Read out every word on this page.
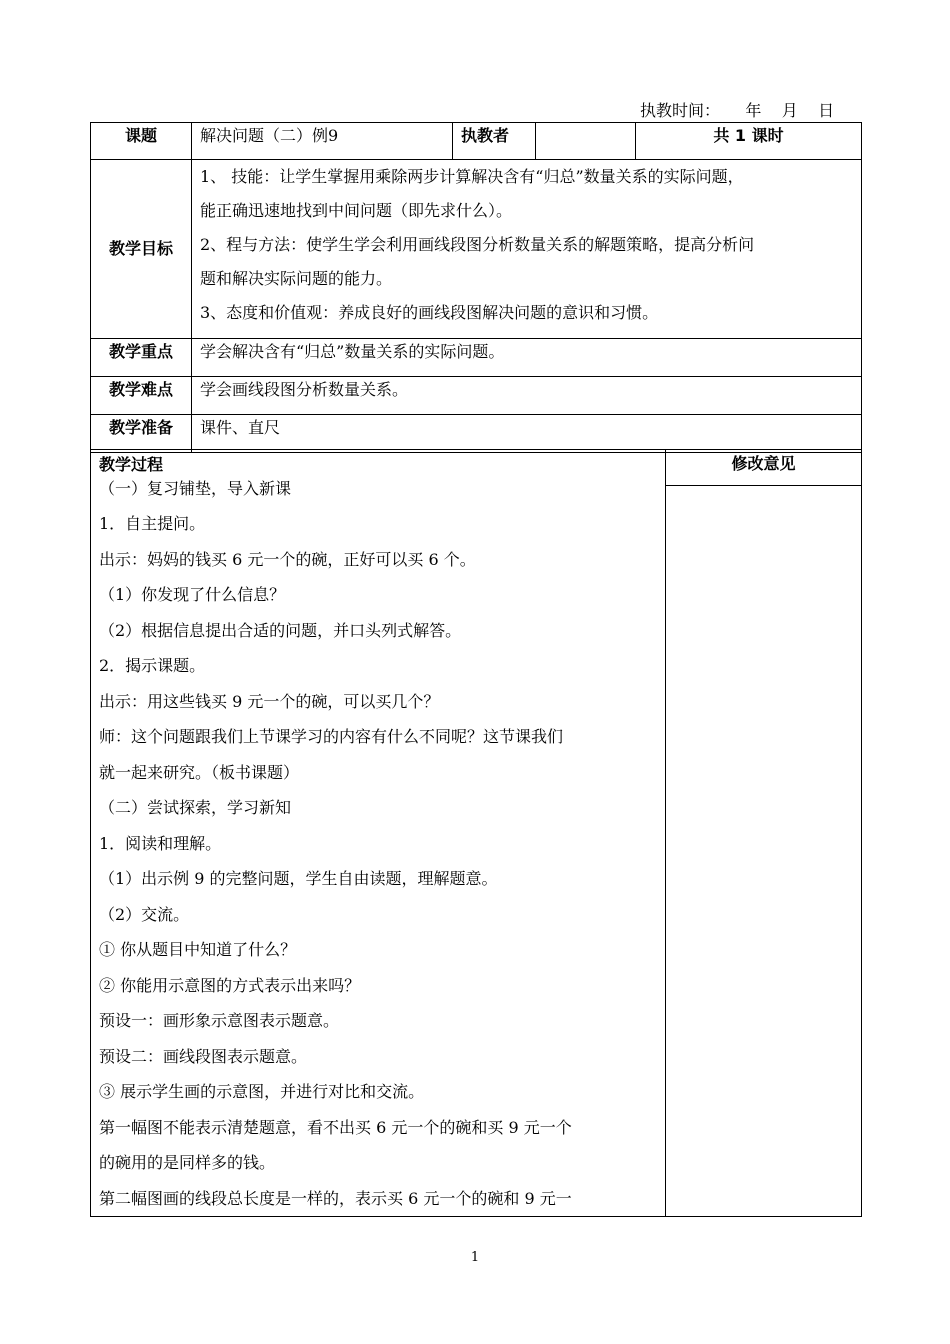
执教时间：     年    月    日
课题	解决问题（二）例9	执教者		共 1 课时
教学目标	1、 技能：让学生掌握用乘除两步计算解决含有“归总”数量关系的实际问题，

能正确迅速地找到中间问题（即先求什么）。

2、程与方法：使学生学会利用画线段图分析数量关系的解题策略，提高分析问

题和解决实际问题的能力。

3、态度和价值观：养成良好的画线段图解决问题的意识和习惯。			

教学重点	学会解决含有“归总”数量关系的实际问题。			
教学难点	学会画线段图分析数量关系。			
教学准备	课件、直尺			
教学过程

（一）复习铺垫，导入新课

1．自主提问。

出示：妈妈的钱买 6 元一个的碗，正好可以买 6 个。

（1）你发现了什么信息？

（2）根据信息提出合适的问题，并口头列式解答。

2．揭示课题。

出示：用这些钱买 9 元一个的碗，可以买几个？

师：这个问题跟我们上节课学习的内容有什么不同呢？这节课我们

就一起来研究。（板书课题）

（二）尝试探索，学习新知

1．阅读和理解。

（1）出示例 9 的完整问题，学生自由读题，理解题意。

（2）交流。

① 你从题目中知道了什么？

② 你能用示意图的方式表示出来吗？

预设一：画形象示意图表示题意。

预设二：画线段图表示题意。

③ 展示学生画的示意图，并进行对比和交流。

第一幅图不能表示清楚题意，看不出买 6 元一个的碗和买 9 元一个

的碗用的是同样多的钱。

第二幅图画的线段总长度是一样的，表示买 6 元一个的碗和 9 元一

修改意见
1
